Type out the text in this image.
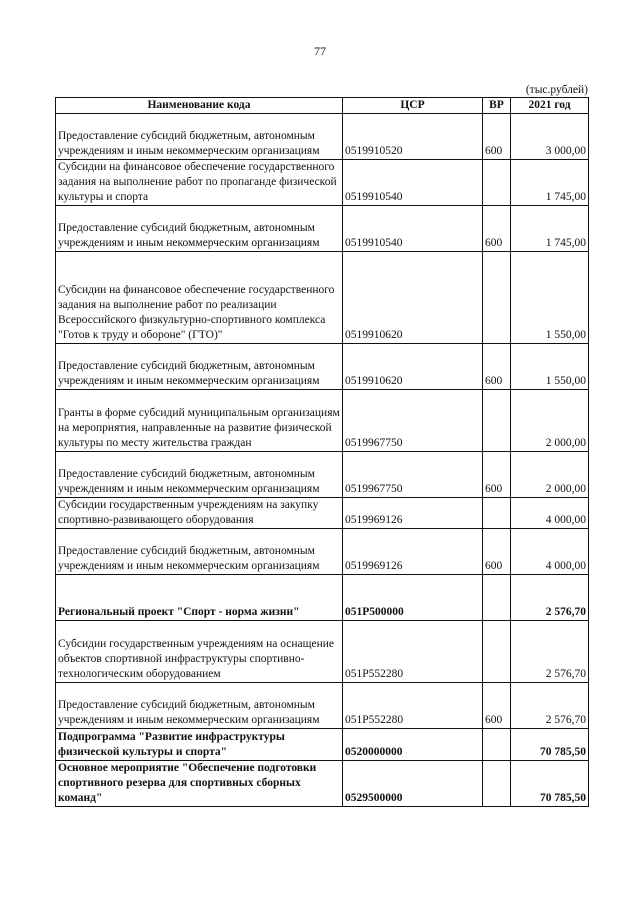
77
(тыс.рублей)
Наименование кода	ЦСР	ВР	2021 год
Предоставление субсидий бюджетным, автономным учреждениям и иным некоммерческим организациям	0519910520	600	3 000,00
Субсидии на финансовое обеспечение государственного задания на выполнение работ по пропаганде физической культуры и спорта	0519910540		1 745,00
Предоставление субсидий бюджетным, автономным учреждениям и иным некоммерческим организациям	0519910540	600	1 745,00
Субсидии на финансовое обеспечение государственного задания на выполнение работ по реализации Всероссийского физкультурно-спортивного комплекса "Готов к труду и обороне" (ГТО)"	0519910620		1 550,00
Предоставление субсидий бюджетным, автономным учреждениям и иным некоммерческим организациям	0519910620	600	1 550,00
Гранты в форме субсидий муниципальным организациям на мероприятия, направленные на развитие физической культуры по месту жительства граждан	0519967750		2 000,00
Предоставление субсидий бюджетным, автономным учреждениям и иным некоммерческим организациям	0519967750	600	2 000,00
Субсидии государственным учреждениям на закупку спортивно-развивающего оборудования	0519969126		4 000,00
Предоставление субсидий бюджетным, автономным учреждениям и иным некоммерческим организациям	0519969126	600	4 000,00
Региональный проект "Спорт - норма жизни"	051P500000		2 576,70
Субсидии государственным учреждениям на оснащение объектов спортивной инфраструктуры спортивно-технологическим оборудованием	051P552280		2 576,70
Предоставление субсидий бюджетным, автономным учреждениям и иным некоммерческим организациям	051P552280	600	2 576,70
Подпрограмма "Развитие инфраструктуры физической культуры и спорта"	0520000000		70 785,50
Основное мероприятие "Обеспечение подготовки спортивного резерва для спортивных сборных команд"	0529500000		70 785,50
